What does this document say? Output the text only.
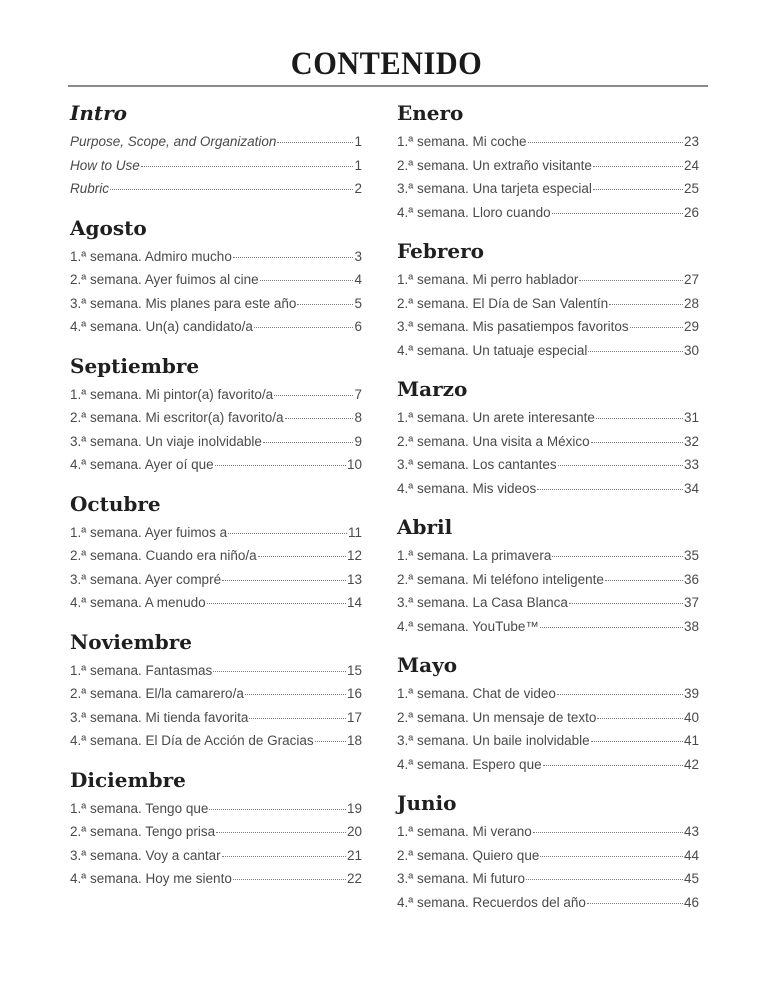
CONTENIDO
Intro
Purpose, Scope, and Organization	1
How to Use	1
Rubric	2
Agosto
1.ª semana. Admiro mucho	3
2.ª semana. Ayer fuimos al cine	4
3.ª semana. Mis planes para este año	5
4.ª semana. Un(a) candidato/a	6
Septiembre
1.ª semana. Mi pintor(a) favorito/a	7
2.ª semana. Mi escritor(a) favorito/a	8
3.ª semana. Un viaje inolvidable	9
4.ª semana. Ayer oí que	10
Octubre
1.ª semana. Ayer fuimos a	11
2.ª semana. Cuando era niño/a	12
3.ª semana. Ayer compré	13
4.ª semana. A menudo	14
Noviembre
1.ª semana. Fantasmas	15
2.ª semana. El/la camarero/a	16
3.ª semana. Mi tienda favorita	17
4.ª semana. El Día de Acción de Gracias 18
Diciembre
1.ª semana. Tengo que	19
2.ª semana. Tengo prisa	20
3.ª semana. Voy a cantar	21
4.ª semana. Hoy me siento	22
Enero
1.ª semana. Mi coche	23
2.ª semana. Un extraño visitante	24
3.ª semana. Una tarjeta especial	25
4.ª semana. Lloro cuando	26
Febrero
1.ª semana. Mi perro hablador	27
2.ª semana. El Día de San Valentín	28
3.ª semana. Mis pasatiempos favoritos	29
4.ª semana. Un tatuaje especial	30
Marzo
1.ª semana. Un arete interesante	31
2.ª semana. Una visita a México	32
3.ª semana. Los cantantes	33
4.ª semana. Mis videos	34
Abril
1.ª semana. La primavera	35
2.ª semana. Mi teléfono inteligente	36
3.ª semana. La Casa Blanca	37
4.ª semana. YouTube™	38
Mayo
1.ª semana. Chat de video	39
2.ª semana. Un mensaje de texto	40
3.ª semana. Un baile inolvidable	41
4.ª semana. Espero que	42
Junio
1.ª semana. Mi verano	43
2.ª semana. Quiero que	44
3.ª semana. Mi futuro	45
4.ª semana. Recuerdos del año	46
